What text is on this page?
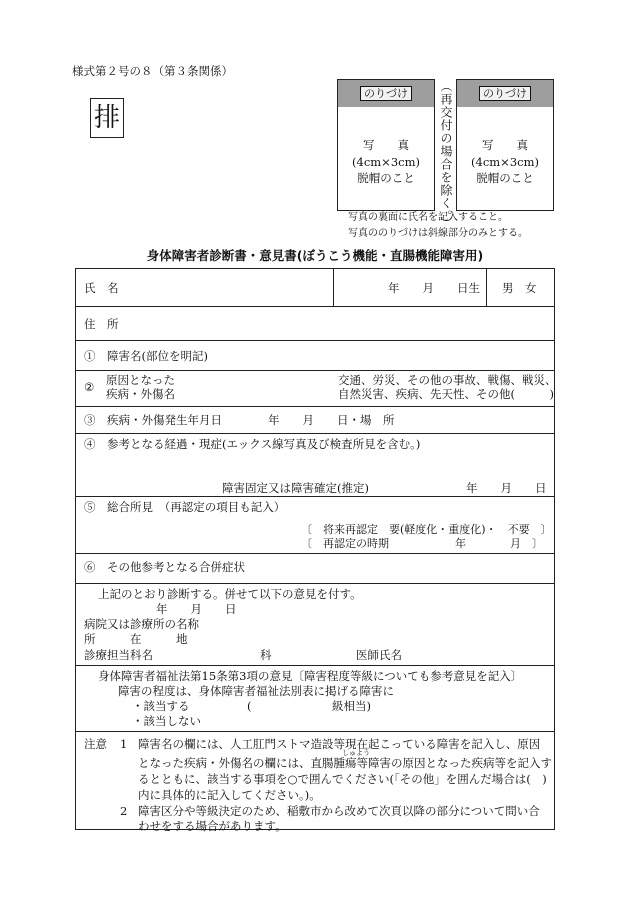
様式第２号の８（第３条関係）
排
のりづけ
写　　真
(4cm×3cm)
脱帽のこと	（再交付の場合を除く。）	のりづけ
写　　真
(4cm×3cm)
脱帽のこと
写真の裏面に氏名を記入すること。
写真ののりづけは斜線部分のみとする。
身体障害者診断書・意見書(ぼうこう機能・直腸機能障害用)
氏　名	年　　月　　日生 男　女
住　所
①　障害名(部位を明記)
② 原因となった
疾病・外傷名
交通、労災、その他の事故、戦傷、戦災、
自然災害、疾病、先天性、その他(　　　)
③　疾病・外傷発生年月日　　　　年　　月　　日・場　所
④　参考となる経過・現症(エックス線写真及び検査所見を含む。)
障害固定又は障害確定(推定)	年　　月　　日
⑤　総合所見　（再認定の項目も記入）
〔　将来再認定　要(軽度化・重度化)・　不要　〕
〔　再認定の時期　　　　　　年　　　　月　〕
⑥　その他参考となる合併症状
上記のとおり診断する。併せて以下の意見を付す。
年　　月　　日
病院又は診療所の名称
所　　　在　　　地
診療担当科名	科	医師氏名
身体障害者福祉法第15条第3項の意見〔障害程度等級についても参考意見を記入〕
障害の程度は、身体障害者福祉法別表に掲げる障害に
・該当する　　　　　(　　　　　　　級相当)
・該当しない
注意 1 障害名の欄には、人工肛門ストマ造設等現在起こっている障害を記入し、原因
しゅよう
となった疾病・外傷名の欄には、直腸腫瘍等障害の原因となった疾病等を記入す
るとともに、該当する事項を○で囲んでください(「その他」を囲んだ場合は(　)
内に具体的に記入してください。)。
2 障害区分や等級決定のため、稲敷市から改めて次頁以降の部分について問い合
わせをする場合があります。
